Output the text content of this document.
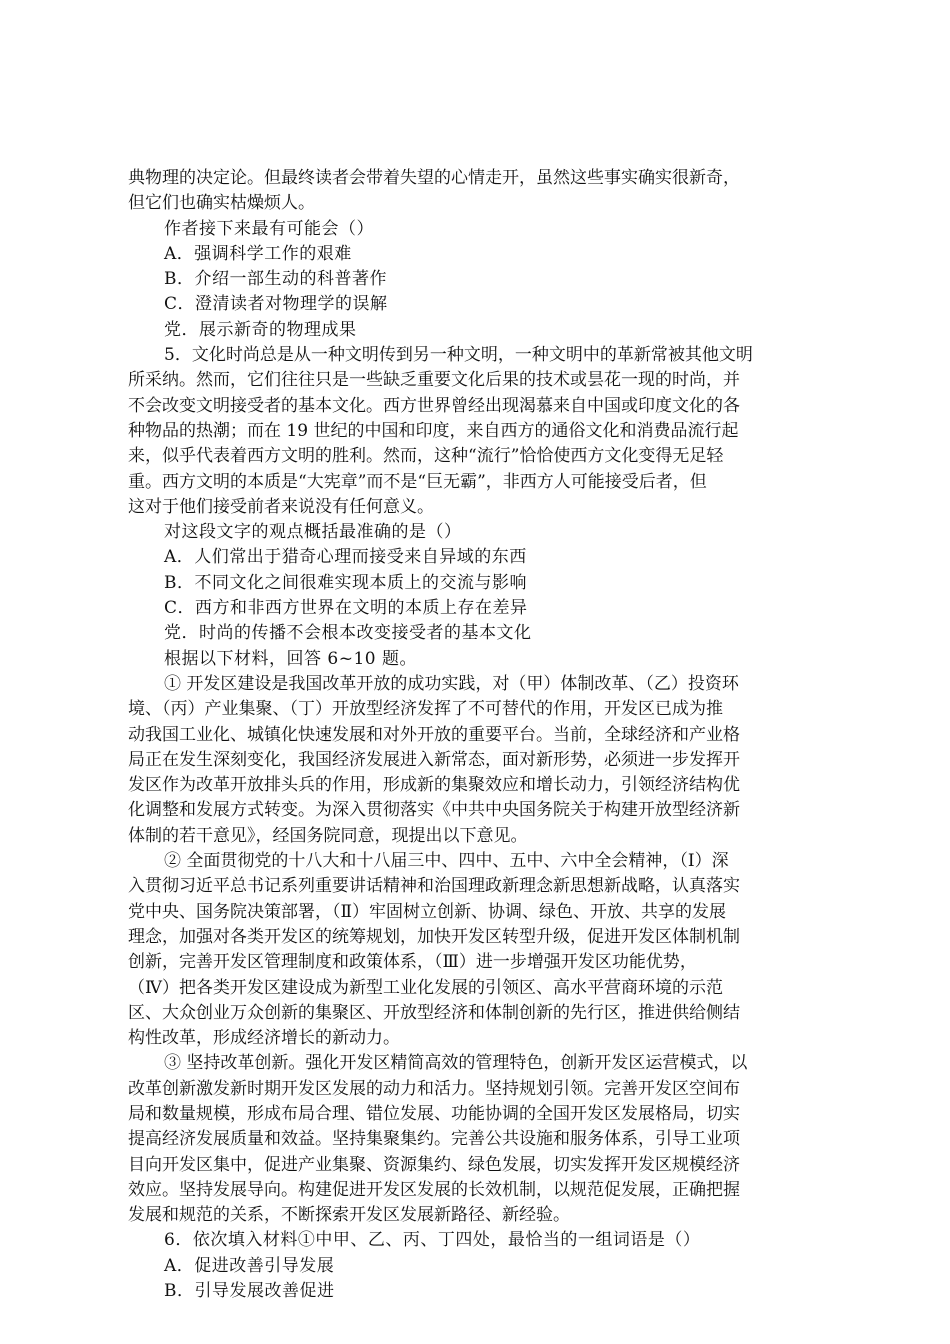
典物理的决定论。但最终读者会带着失望的心情走开，虽然这些事实确实很新奇，

但它们也确实枯燥烦人。

作者接下来最有可能会（）

A．强调科学工作的艰难

B．介绍一部生动的科普著作

C．澄清读者对物理学的误解

党．展示新奇的物理成果

5．文化时尚总是从一种文明传到另一种文明，一种文明中的革新常被其他文明

所采纳。然而，它们往往只是一些缺乏重要文化后果的技术或昙花一现的时尚，并

不会改变文明接受者的基本文化。西方世界曾经出现渴慕来自中国或印度文化的各

种物品的热潮；而在 19 世纪的中国和印度，来自西方的通俗文化和消费品流行起

来，似乎代表着西方文明的胜利。然而，这种“流行”恰恰使西方文化变得无足轻

重。西方文明的本质是“大宪章”而不是“巨无霸”，非西方人可能接受后者，但

这对于他们接受前者来说没有任何意义。

对这段文字的观点概括最准确的是（）

A．人们常出于猎奇心理而接受来自异域的东西

B．不同文化之间很难实现本质上的交流与影响

C．西方和非西方世界在文明的本质上存在差异

党．时尚的传播不会根本改变接受者的基本文化

根据以下材料，回答 6~10 题。

① 开发区建设是我国改革开放的成功实践，对（甲）体制改革、（乙）投资环

境、（丙）产业集聚、（丁）开放型经济发挥了不可替代的作用，开发区已成为推

动我国工业化、城镇化快速发展和对外开放的重要平台。当前，全球经济和产业格

局正在发生深刻变化，我国经济发展进入新常态，面对新形势，必须进一步发挥开

发区作为改革开放排头兵的作用，形成新的集聚效应和增长动力，引领经济结构优

化调整和发展方式转变。为深入贯彻落实《中共中央国务院关于构建开放型经济新

体制的若干意见》，经国务院同意，现提出以下意见。

② 全面贯彻党的十八大和十八届三中、四中、五中、六中全会精神，（Ⅰ）深

入贯彻习近平总书记系列重要讲话精神和治国理政新理念新思想新战略，认真落实

党中央、国务院决策部署，（Ⅱ）牢固树立创新、协调、绿色、开放、共享的发展

理念，加强对各类开发区的统筹规划，加快开发区转型升级，促进开发区体制机制

创新，完善开发区管理制度和政策体系，（Ⅲ）进一步增强开发区功能优势，

（Ⅳ）把各类开发区建设成为新型工业化发展的引领区、高水平营商环境的示范

区、大众创业万众创新的集聚区、开放型经济和体制创新的先行区，推进供给侧结

构性改革，形成经济增长的新动力。

③ 坚持改革创新。强化开发区精简高效的管理特色，创新开发区运营模式，以

改革创新激发新时期开发区发展的动力和活力。坚持规划引领。完善开发区空间布

局和数量规模，形成布局合理、错位发展、功能协调的全国开发区发展格局，切实

提高经济发展质量和效益。坚持集聚集约。完善公共设施和服务体系，引导工业项

目向开发区集中，促进产业集聚、资源集约、绿色发展，切实发挥开发区规模经济

效应。坚持发展导向。构建促进开发区发展的长效机制，以规范促发展，正确把握

发展和规范的关系，不断探索开发区发展新路径、新经验。

6．依次填入材料①中甲、乙、丙、丁四处，最恰当的一组词语是（）

A．促进改善引导发展

B．引导发展改善促进
